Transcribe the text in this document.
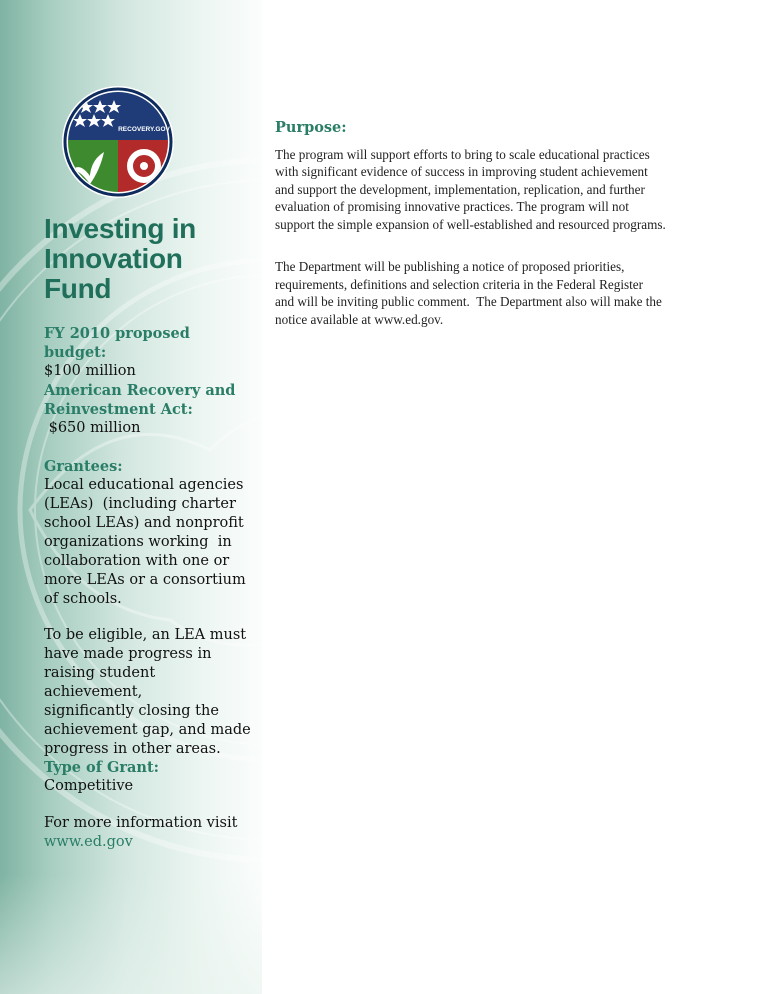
RECOVERY.GOV
Investing in
Innovation
Fund
FY 2010 proposed budget:
$100 million
American Recovery and
Reinvestment Act:
$650 million
Grantees:
Local educational agencies
(LEAs)  (including charter
school LEAs) and nonprofit
organizations working  in
collaboration with one or
more LEAs or a consortium
of schools.
To be eligible, an LEA must
have made progress in
raising student achievement,
significantly closing the
achievement gap, and made
progress in other areas.
Type of Grant:
Competitive
For more information visit
www.ed.gov
Purpose:

The program will support efforts to bring to scale educational practices
with significant evidence of success in improving student achievement
and support the development, implementation, replication, and further
evaluation of promising innovative practices. The program will not
support the simple expansion of well-established and resourced programs.

The Department will be publishing a notice of proposed priorities,
requirements, definitions and selection criteria in the Federal Register
and will be inviting public comment.  The Department also will make the
notice available at www.ed.gov.
